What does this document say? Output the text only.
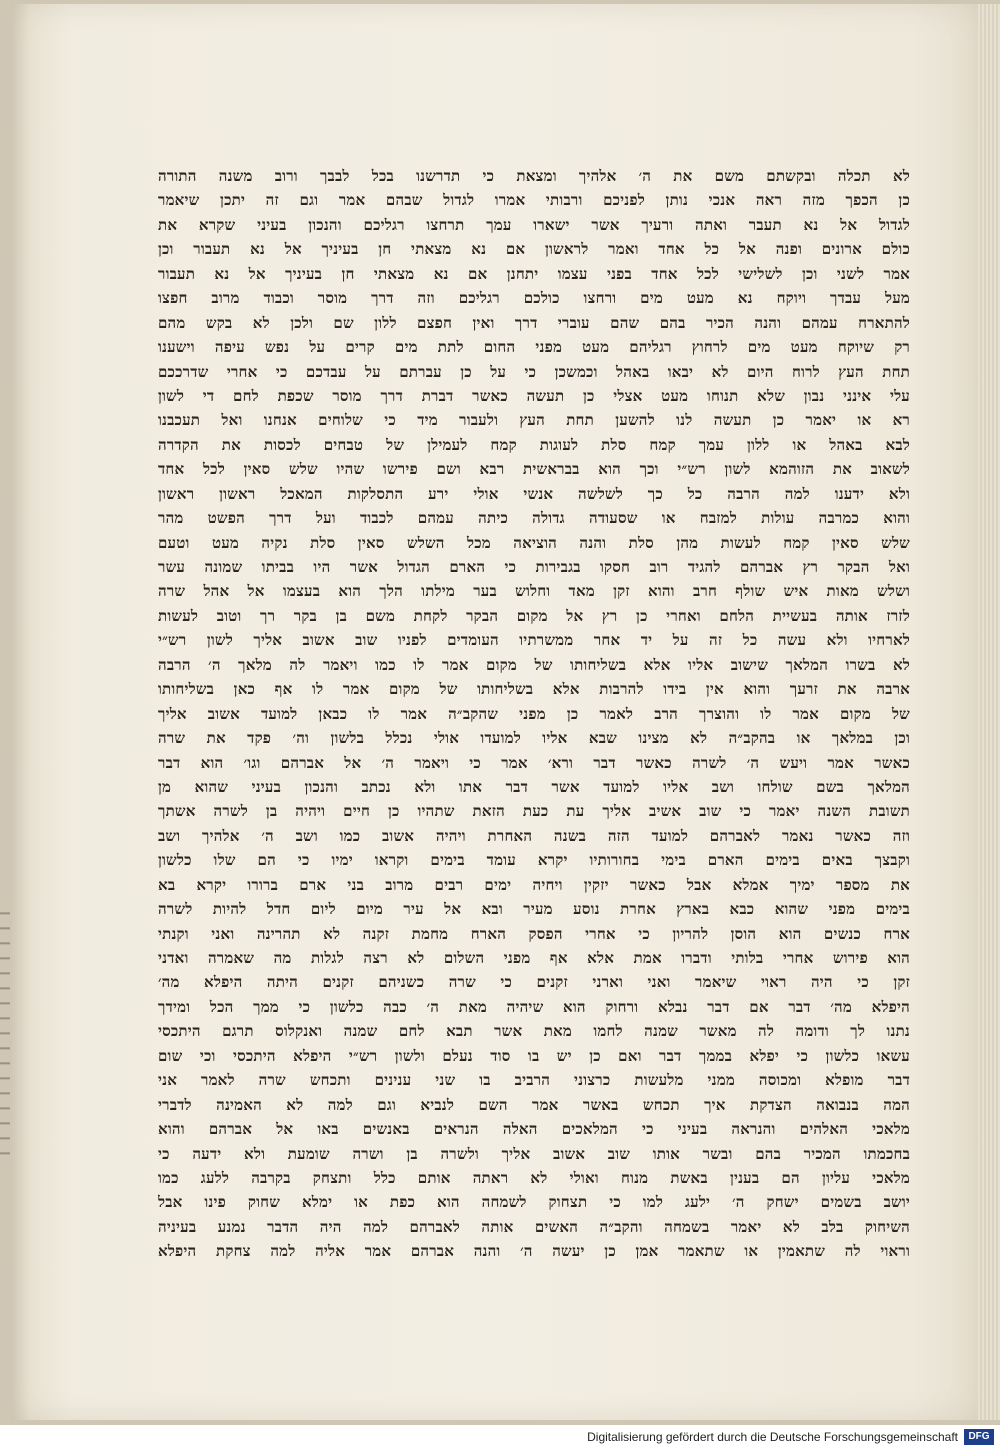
לא תכלה ובקשתם משם את ה׳ אלהיך ומצאת כי תדרשנו בכל לבבך ורוב משנה התורה
כן הכפך מזה ראה אנכי נותן לפניכם ורבותי אמרו לגדול שבהם אמר וגם זה יתכן שיאמר
לגדול אל נא תעבר ואתה ורעיך אשר ישארו עמך תרחצו רגליכם והנכון בעיני שקרא את
כולם ארונים ופנה אל כל אחד ואמר לראשון אם נא מצאתי חן בעיניך אל נא תעבור וכן
אמר לשני וכן לשלישי לכל אחד בפני עצמו יתחנן אם נא מצאתי חן בעיניך אל נא תעבור
מעל עבדך ויוקח נא מעט מים ורחצו כולכם רגליכם וזה דרך מוסר וכבוד מרוב חפצו
להתארח עמהם והנה הכיר בהם שהם עוברי דרך ואין חפצם ללון שם ולכן לא בקש מהם
רק שיוקח מעט מים לרחוץ רגליהם מעט מפני החום לתת מים קרים על נפש עיפה וישענו
תחת העץ לרוח היום לא יבאו באהל וכמשכן כי על כן עברתם על עבדכם כי אחרי שדרככם
עלי אינני נבון שלא תנוחו מעט אצלי כן תעשה כאשר דברת דרך מוסר שכפת לחם די לשון
רא או יאמר כן תעשה לנו להשען תחת העץ ולעבור מיד כי שלוחים אנחנו ואל תעכבנו
לבא באהל או ללון עמך קמח סלת לעוגות קמח לעמילן של טבחים לכסות את הקדרה
לשאוב את הזוהמא לשון רש״י וכך הוא בבראשית רבא ושם פירשו שהיו שלש סאין לכל אחד
ולא ידענו למה הרבה כל כך לשלשה אנשי אולי ירע התסלקות המאכל ראשון ראשון
והוא כמרבה עולות למזבח או שסעודה גדולה כיתה עמהם לכבוד ועל דרך הפשט מהר
שלש סאין קמח לעשות מהן סלת והנה הוציאה מכל השלש סאין סלת נקיה מעט וטעם
ואל הבקר רץ אברהם להגיד רוב חסקו בגבירות כי הארם הגדול אשר היו בביתו שמונה עשר
ושלש מאות איש שולף חרב והוא זקן מאד וחלוש בער מילתו הלך הוא בעצמו אל אהל שרה
לזרז אותה בעשיית הלחם ואחרי כן רץ אל מקום הבקר לקחת משם בן בקר רך וטוב לעשות
לארחיו ולא עשה כל זה על יד אחר ממשרתיו העומדים לפניו שוב אשוב אליך לשון רש״י
לא בשרו המלאך שישוב אליו אלא בשליחותו של מקום אמר לו כמו ויאמר לה מלאך ה׳ הרבה
ארבה את זרעך והוא אין בידו להרבות אלא בשליחותו של מקום אמר לו אף כאן בשליחותו
של מקום אמר לו והוצרך הרב לאמר כן מפני שהקב״ה אמר לו כבאן למועד אשוב אליך
וכן במלאך או בהקב״ה לא מצינו שבא אליו למועדו אולי נכלל בלשון וה׳ פקד את שרה
כאשר אמר ויעש ה׳ לשרה כאשר דבר ורא׳ אמר כי ויאמר ה׳ אל אברהם וגו׳ הוא דבר
המלאך בשם שולחו ושב אליו למועד אשר דבר אתו ולא נכתב והנכון בעיני שהוא מן
תשובת השנה יאמר כי שוב אשיב אליך עת כעת הזאת שתהיו כן חיים ויהיה בן לשרה אשתך
וזה כאשר נאמר לאברהם למועד הזה בשנה האחרת ויהיה אשוב כמו ושב ה׳ אלהיך ושב
וקבצך באים בימים הארם בימי בחורותיו יקרא עומד בימים וקראו ימיו כי הם שלו כלשון
את מספר ימיך אמלא אבל כאשר יזקין ויחיה ימים רבים מרוב בני ארם ברורו יקרא בא
בימים מפני שהוא כבא בארץ אחרת נוסע מעיר ובא אל עיר מיום ליום חדל להיות לשרה
ארח כנשים הוא הוסן להריון כי אחרי הפסק הארח מחמת זקנה לא תהרינה ואני וקנתי
הוא פירוש אחרי בלותי ודברו אמת אלא אף מפני השלום לא רצה לגלות מה שאמרה ואדני
זקן כי היה ראוי שיאמר ואני וארני זקנים כי שרה כשניהם זקנים היתה היפלא מה׳
היפלא מה׳ דבר אם דבר נבלא ורחוק הוא שיהיה מאת ה׳ כבה כלשון כי ממך הכל ומידך
נתנו לך ודומה לה מאשר שמנה לחמו מאת אשר תבא לחם שמנה ואנקלוס תרגם היתכסי
עשאו כלשון כי יפלא בממך דבר ואם כן יש בו סוד נעלם ולשון רש״י היפלא היתכסי וכי שום
דבר מופלא ומכוסה ממני מלעשות כרצוני הרביב בו שני ענינים ותכחש שרה לאמר אני
המה בנבואה הצדקת איך תכחש באשר אמר השם לנביא וגם למה לא האמינה לדברי
מלאכי האלהים והנראה בעיני כי המלאכים האלה הנראים באנשים באו אל אברהם והוא
בחכמתו המכיר בהם ובשר אותו שוב אשוב אליך ולשרה בן ושרה שומעת ולא ידעה כי
מלאכי עליון הם בענין באשת מנוח ואולי לא ראתה אותם כלל ותצחק בקרבה ללעג כמו
יושב בשמים ישחק ה׳ ילעג למו כי תצחוק לשמחה הוא כפת או ימלא שחוק פינו אבל
השיחוק בלב לא יאמר בשמחה והקב״ה האשים אותה לאברהם למה היה הדבר נמנע בעיניה
וראוי לה שתאמין או שתאמר אמן כן יעשה ה׳ והנה אברהם אמר אליה למה צחקת היפלא
Digitalisierung gefördert durch die Deutsche Forschungsgemeinschaft	DFG
